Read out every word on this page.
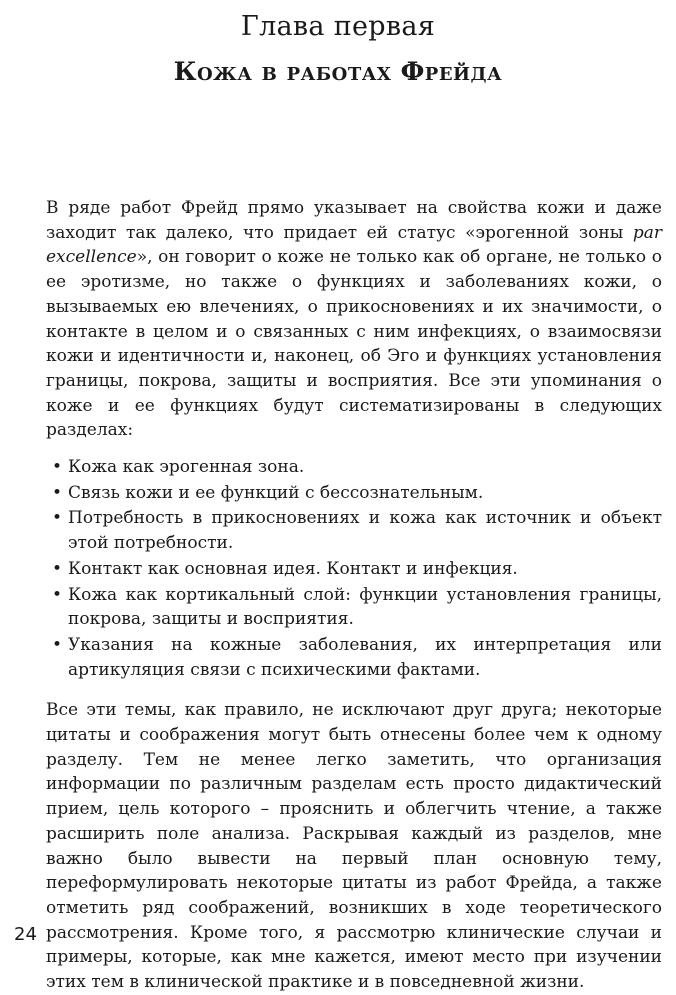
Глава первая
Кожа в работах Фрейда

В ряде работ Фрейд прямо указывает на свойства кожи и даже заходит так далеко, что придает ей статус «эрогенной зоны par excellence», он говорит о коже не только как об органе, не только о ее эротизме, но также о функциях и заболеваниях кожи, о вызываемых ею влечениях, о прикосновениях и их значимости, о контакте в целом и о связанных с ним инфекциях, о взаимосвязи кожи и идентичности и, наконец, об Эго и функциях установления границы, покрова, защиты и восприятия. Все эти упоминания о коже и ее функциях будут систематизированы в следующих разделах:

• Кожа как эрогенная зона.
• Связь кожи и ее функций с бессознательным.
• Потребность в прикосновениях и кожа как источник и объект этой потребности.
• Контакт как основная идея. Контакт и инфекция.
• Кожа как кортикальный слой: функции установления границы, покрова, защиты и восприятия.
• Указания на кожные заболевания, их интерпретация или артикуляция связи с психическими фактами.

Все эти темы, как правило, не исключают друг друга; некоторые цитаты и соображения могут быть отнесены более чем к одному разделу. Тем не менее легко заметить, что организация информации по различным разделам есть просто дидактический прием, цель которого – прояснить и облегчить чтение, а также расширить поле анализа. Раскрывая каждый из разделов, мне важно было вывести на первый план основную тему, переформулировать некоторые цитаты из работ Фрейда, а также отметить ряд соображений, возникших в ходе теоретического рассмотрения. Кроме того, я рассмотрю клинические случаи и примеры, которые, как мне кажется, имеют место при изучении этих тем в клинической практике и в повседневной жизни.

24
